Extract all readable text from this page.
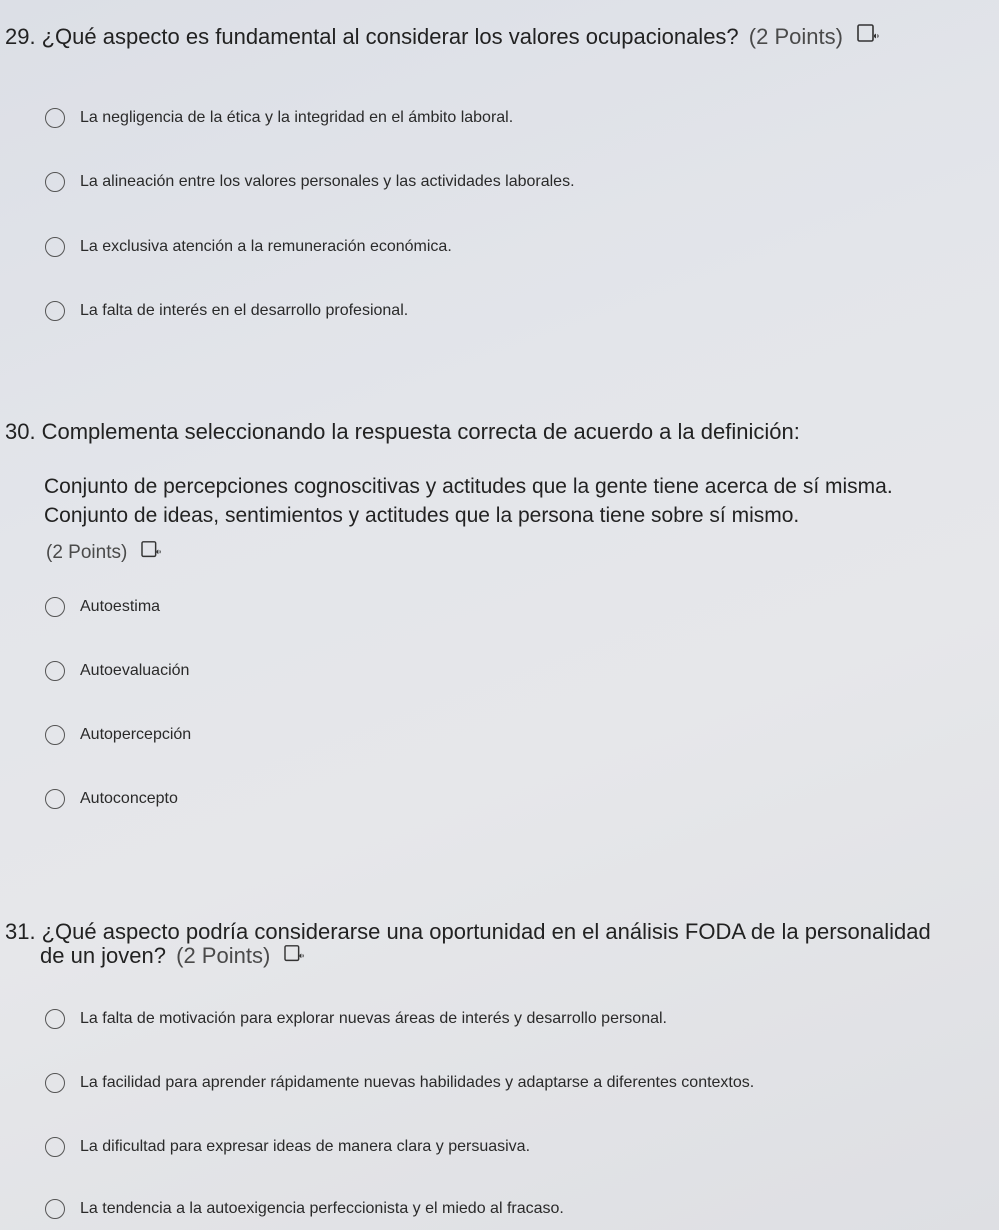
29. ¿Qué aspecto es fundamental al considerar los valores ocupacionales? (2 Points)
La negligencia de la ética y la integridad en el ámbito laboral.
La alineación entre los valores personales y las actividades laborales.
La exclusiva atención a la remuneración económica.
La falta de interés en el desarrollo profesional.
30. Complementa seleccionando la respuesta correcta de acuerdo a la definición:
Conjunto de percepciones cognoscitivas y actitudes que la gente tiene acerca de sí misma.
Conjunto de ideas, sentimientos y actitudes que la persona tiene sobre sí mismo.
(2 Points)
Autoestima
Autoevaluación
Autopercepción
Autoconcepto
31. ¿Qué aspecto podría considerarse una oportunidad en el análisis FODA de la personalidad
de un joven? (2 Points)
La falta de motivación para explorar nuevas áreas de interés y desarrollo personal.
La facilidad para aprender rápidamente nuevas habilidades y adaptarse a diferentes contextos.
La dificultad para expresar ideas de manera clara y persuasiva.
La tendencia a la autoexigencia perfeccionista y el miedo al fracaso.
